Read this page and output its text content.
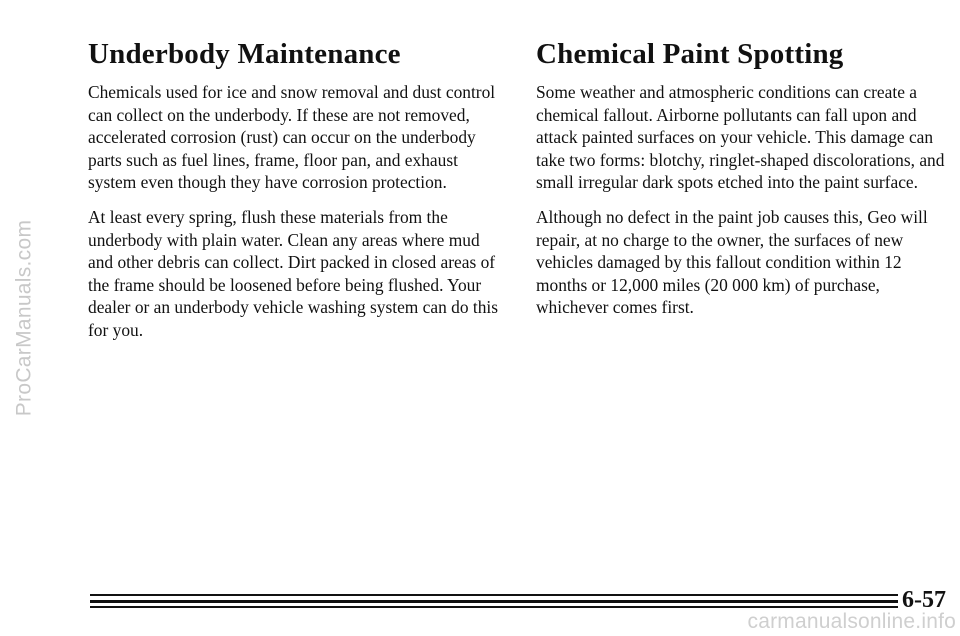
ProCarManuals.com
Underbody Maintenance

Chemicals used for ice and snow removal and dust control can collect on the underbody. If these are not removed, accelerated corrosion (rust) can occur on the underbody parts such as fuel lines, frame, floor pan, and exhaust system even though they have corrosion protection.

At least every spring, flush these materials from the underbody with plain water. Clean any areas where mud and other debris can collect. Dirt packed in closed areas of the frame should be loosened before being flushed. Your dealer or an underbody vehicle washing system can do this for you.

Chemical Paint Spotting

Some weather and atmospheric conditions can create a chemical fallout. Airborne pollutants can fall upon and attack painted surfaces on your vehicle. This damage can take two forms: blotchy, ringlet-shaped discolorations, and small irregular dark spots etched into the paint surface.

Although no defect in the paint job causes this, Geo will repair, at no charge to the owner, the surfaces of new vehicles damaged by this fallout condition within 12 months or 12,000 miles (20 000 km) of purchase, whichever comes first.

6-57
carmanualsonline.info
